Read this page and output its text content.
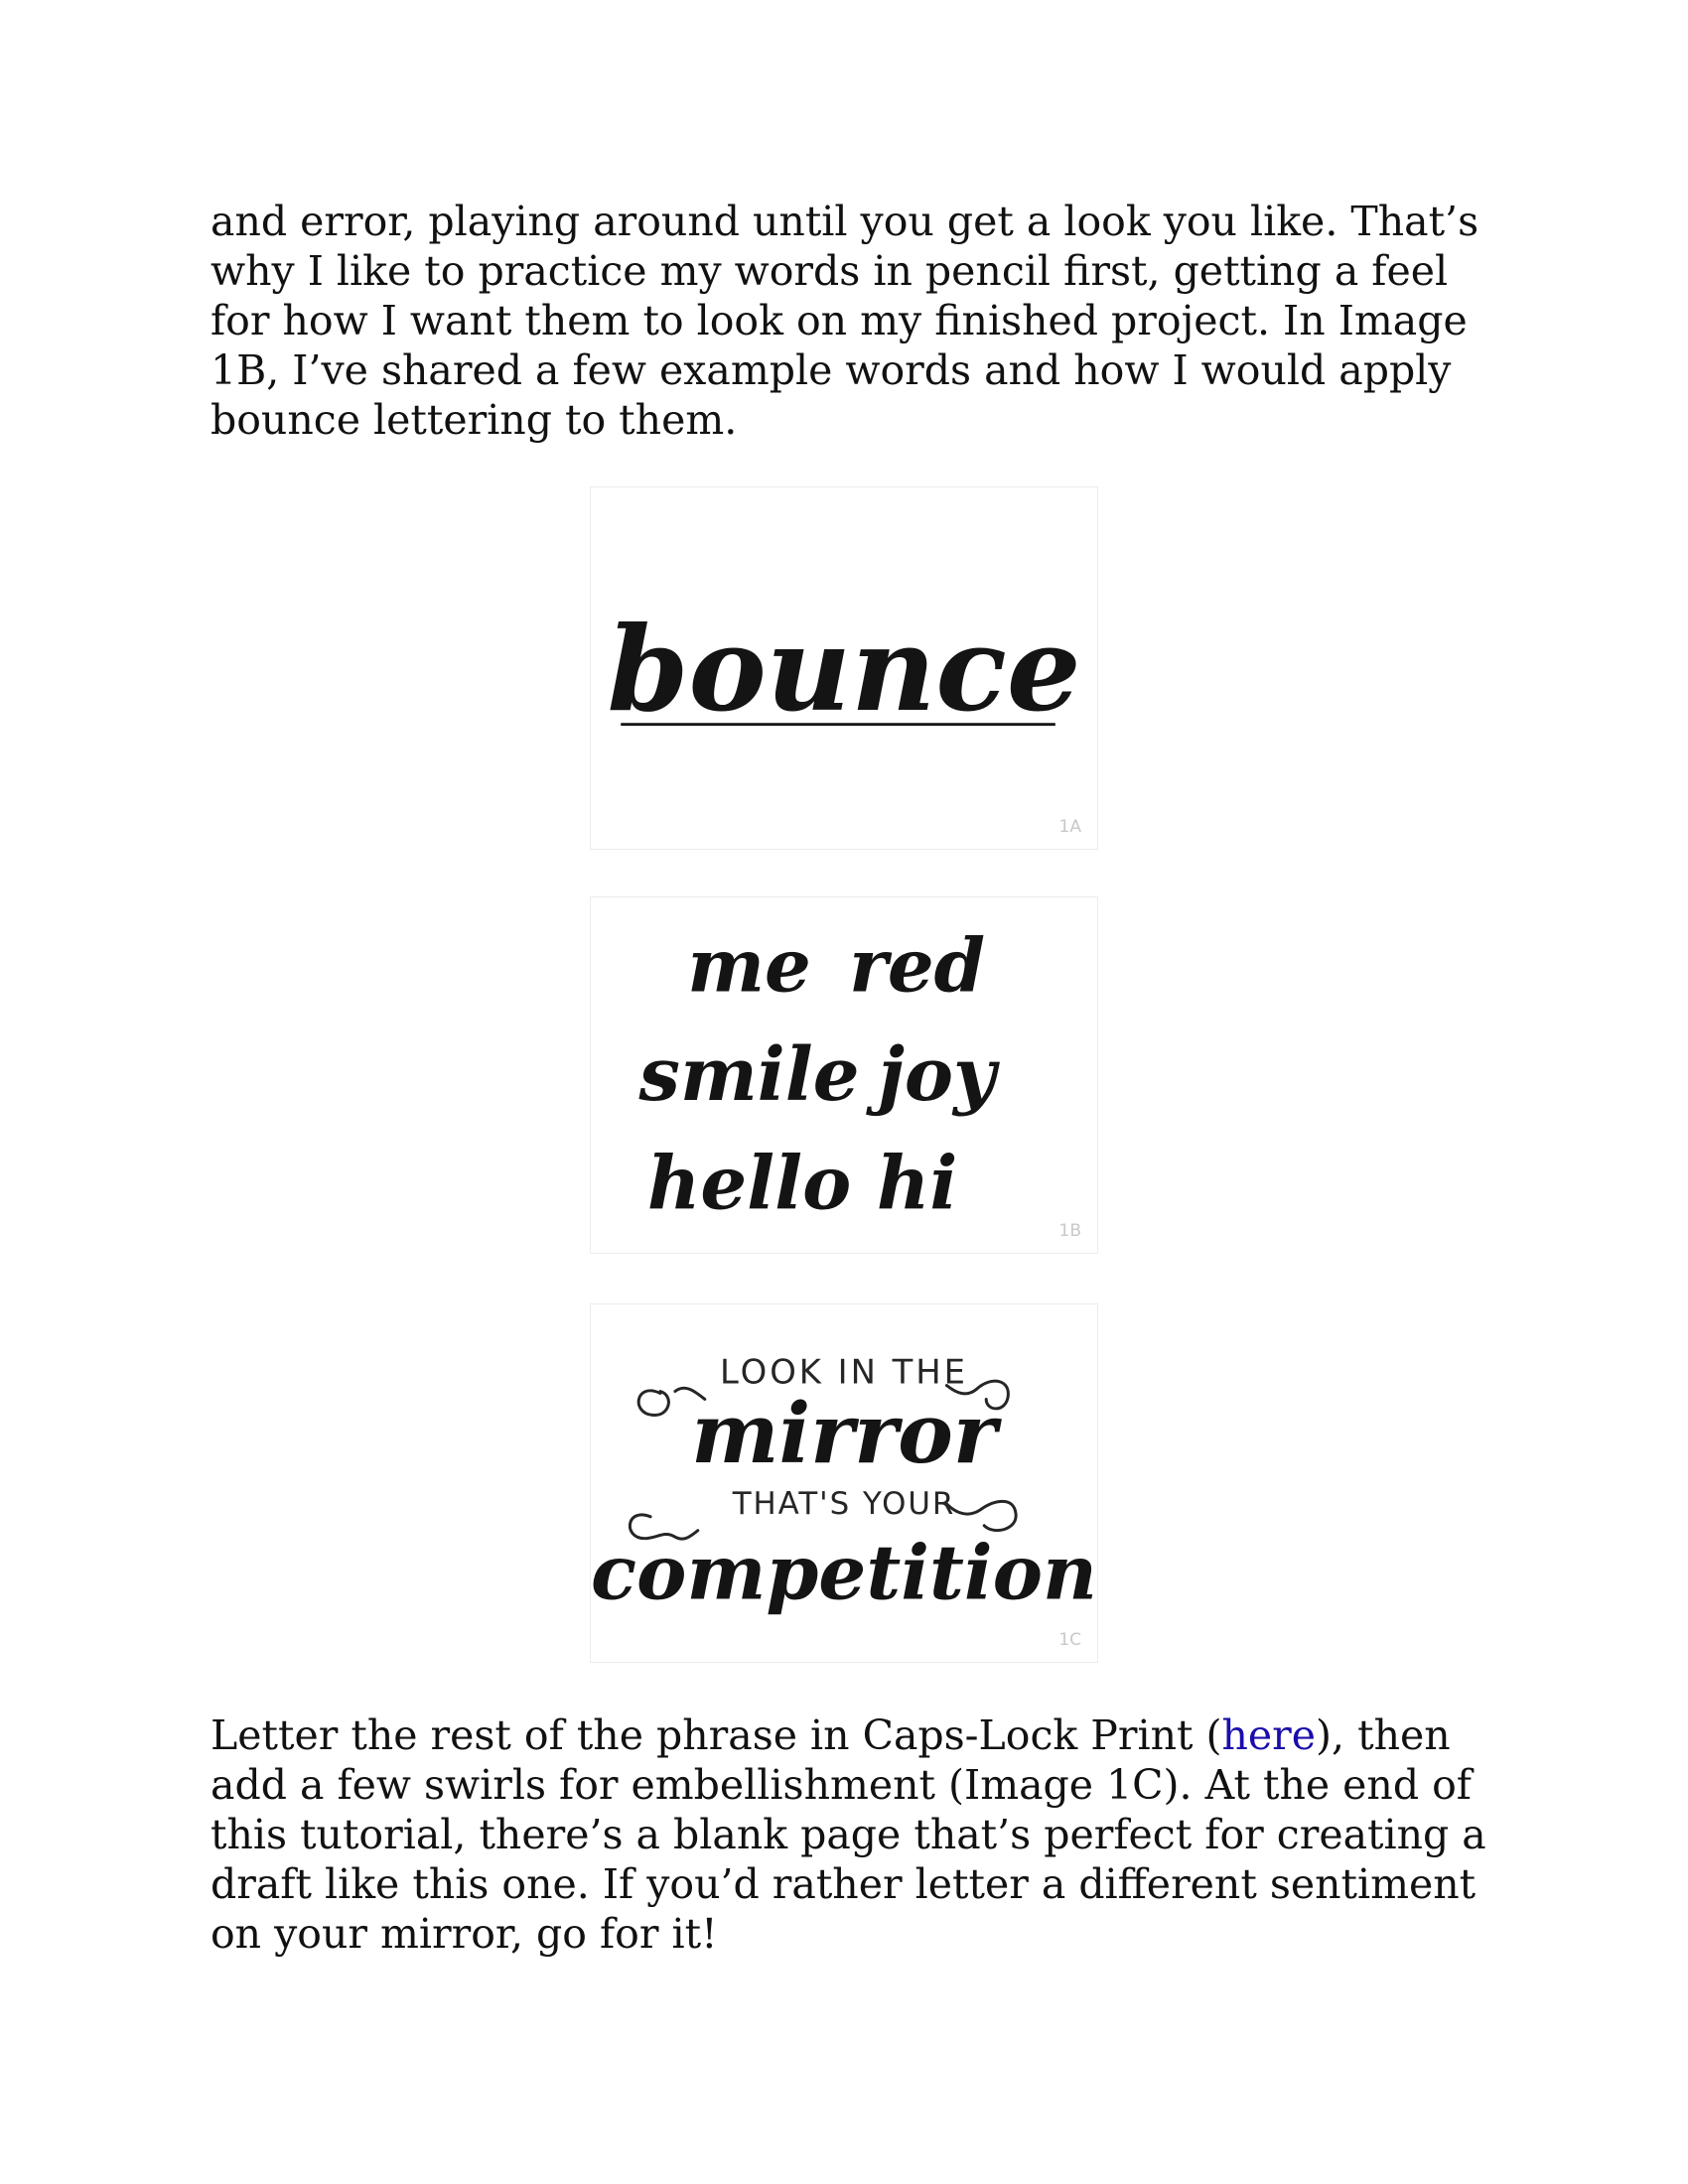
and error, playing around until you get a look you like. That’s why I like to practice my words in pencil first, getting a feel for how I want them to look on my finished project. In Image 1B, I’ve shared a few example words and how I would apply bounce lettering to them.

bounce
1A
me red
smile joy
hello hi
1B
LOOK IN THE
mirror
THAT'S YOUR
competition
1C

Letter the rest of the phrase in Caps-Lock Print (here), then add a few swirls for embellishment (Image 1C). At the end of this tutorial, there’s a blank page that’s perfect for creating a draft like this one. If you’d rather letter a different sentiment on your mirror, go for it!
